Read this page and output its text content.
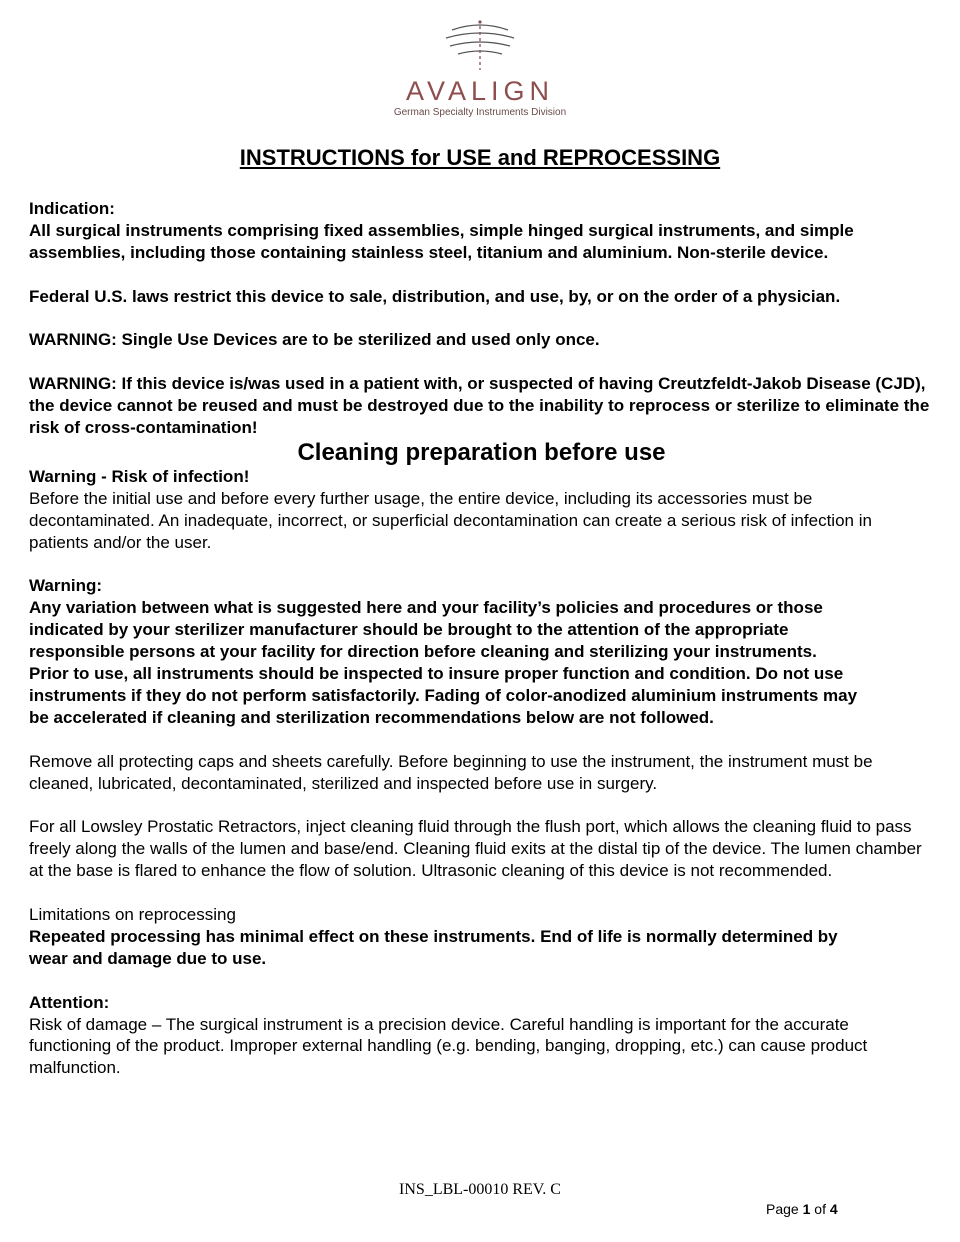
AVALIGN
German Specialty Instruments Division
INSTRUCTIONS for USE and REPROCESSING

Indication:

All surgical instruments comprising fixed assemblies, simple hinged surgical instruments, and simple assemblies, including those containing stainless steel, titanium and aluminium. Non-sterile device.

Federal U.S. laws restrict this device to sale, distribution, and use, by, or on the order of a physician.

WARNING: Single Use Devices are to be sterilized and used only once.

WARNING: If this device is/was used in a patient with, or suspected of having Creutzfeldt-Jakob Disease (CJD), the device cannot be reused and must be destroyed due to the inability to reprocess or sterilize to eliminate the risk of cross-contamination!

Cleaning preparation before use

Warning - Risk of infection!

Before the initial use and before every further usage, the entire device, including its accessories must be decontaminated. An inadequate, incorrect, or superficial decontamination can create a serious risk of infection in patients and/or the user.

Warning:

Any variation between what is suggested here and your facility’s policies and procedures or those indicated by your sterilizer manufacturer should be brought to the attention of the appropriate responsible persons at your facility for direction before cleaning and sterilizing your instruments. Prior to use, all instruments should be inspected to insure proper function and condition. Do not use instruments if they do not perform satisfactorily. Fading of color-anodized aluminium instruments may be accelerated if cleaning and sterilization recommendations below are not followed.

Remove all protecting caps and sheets carefully. Before beginning to use the instrument, the instrument must be cleaned, lubricated, decontaminated, sterilized and inspected before use in surgery.

For all Lowsley Prostatic Retractors, inject cleaning fluid through the flush port, which allows the cleaning fluid to pass freely along the walls of the lumen and base/end. Cleaning fluid exits at the distal tip of the device. The lumen chamber at the base is flared to enhance the flow of solution. Ultrasonic cleaning of this device is not recommended.

Limitations on reprocessing

Repeated processing has minimal effect on these instruments. End of life is normally determined by wear and damage due to use.

Attention:

Risk of damage – The surgical instrument is a precision device. Careful handling is important for the accurate functioning of the product. Improper external handling (e.g. bending, banging, dropping, etc.) can cause product malfunction.

INS_LBL-00010 REV. C
Page 1 of 4
